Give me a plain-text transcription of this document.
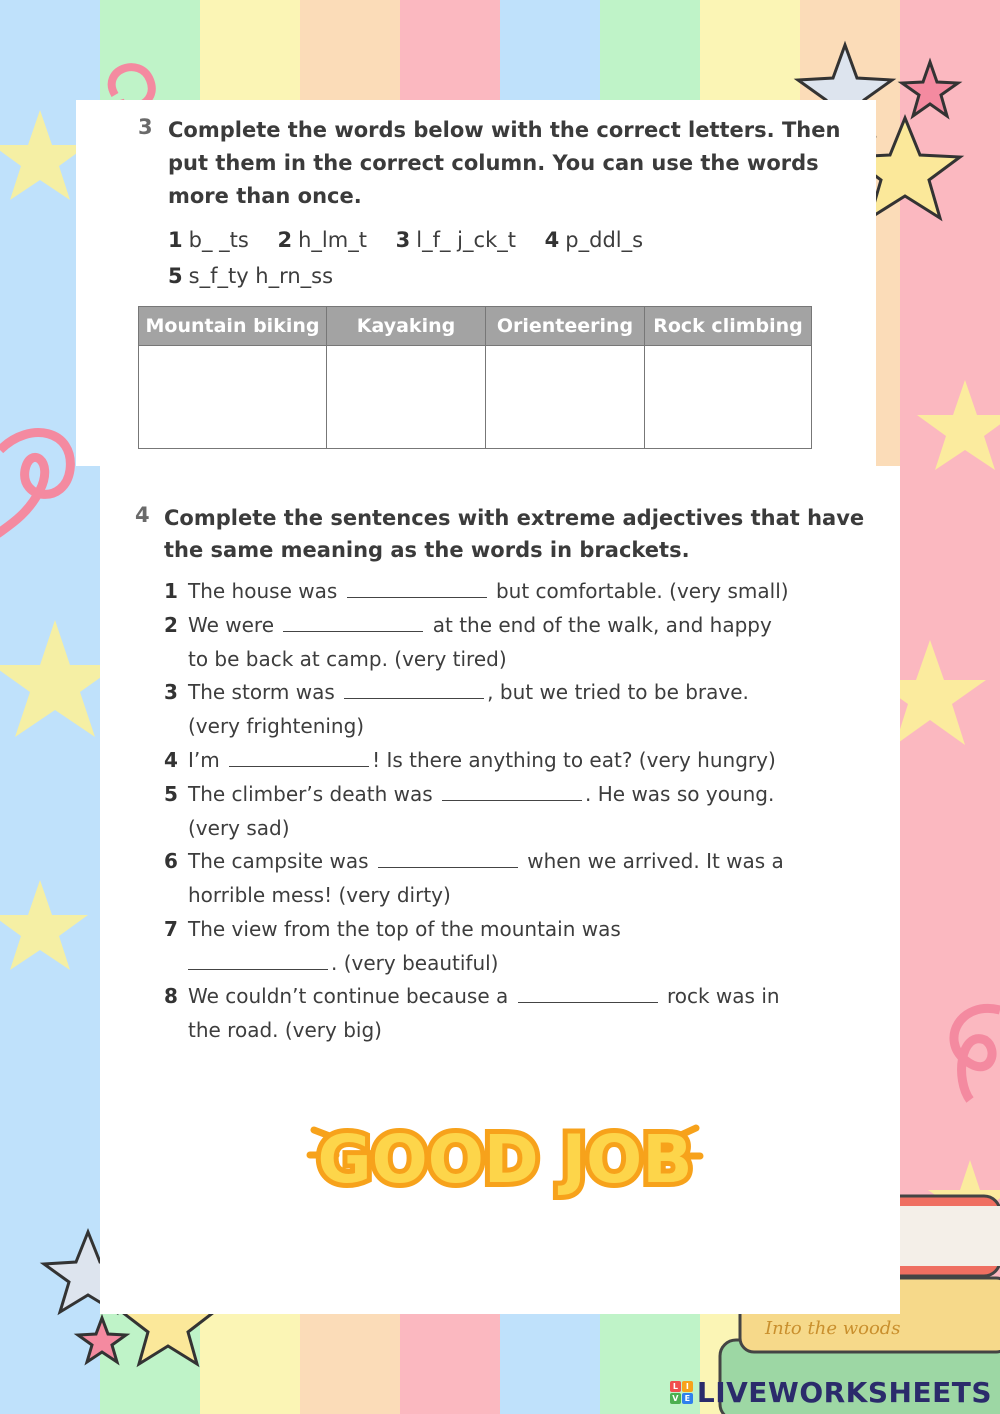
Into the woods
3 Complete the words below with the correct letters. Then
put them in the correct column. You can use the words
more than once.
1 b_ _ts 2 h_lm_t 3 l_f_ j_ck_t 4 p_ddl_s
5 s_f_ty h_rn_ss
Mountain biking	Kayaking	Orienteering	Rock climbing

4 Complete the sentences with extreme adjectives that have
the same meaning as the words in brackets.
1 The house was	but comfortable. (very small)
2 We were	at the end of the walk, and happy
to be back at camp. (very tired)
3 The storm was	, but we tried to be brave.
(very frightening)
4 I’m	! Is there anything to eat? (very hungry)
5 The climber’s death was	. He was so young.
(very sad)
6 The campsite was	when we arrived. It was a
horrible mess! (very dirty)
7 The view from the top of the mountain was
. (very beautiful)
8 We couldn’t continue because a	rock was in
the road. (very big)
GOOD JOB
L I
V E LIVEWORKSHEETS
